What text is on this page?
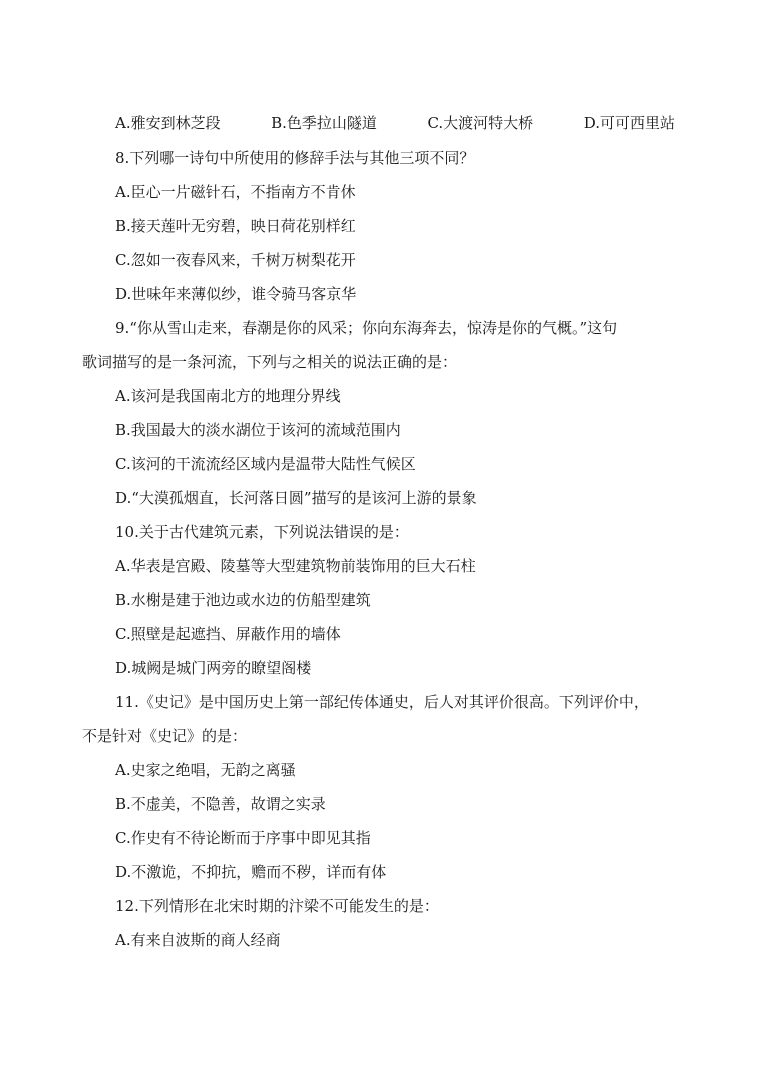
A.雅安到林芝段	B.色季拉山隧道	C.大渡河特大桥	D.可可西里站
8.下列哪一诗句中所使用的修辞手法与其他三项不同？
A.臣心一片磁针石，不指南方不肯休
B.接天莲叶无穷碧，映日荷花别样红
C.忽如一夜春风来，千树万树梨花开
D.世味年来薄似纱，谁令骑马客京华
9.“你从雪山走来，春潮是你的风采；你向东海奔去，惊涛是你的气概。”这句
歌词描写的是一条河流，下列与之相关的说法正确的是：
A.该河是我国南北方的地理分界线
B.我国最大的淡水湖位于该河的流域范围内
C.该河的干流流经区域内是温带大陆性气候区
D.“大漠孤烟直，长河落日圆”描写的是该河上游的景象
10.关于古代建筑元素，下列说法错误的是：
A.华表是宫殿、陵墓等大型建筑物前装饰用的巨大石柱
B.水榭是建于池边或水边的仿船型建筑
C.照壁是起遮挡、屏蔽作用的墙体
D.城阙是城门两旁的瞭望阁楼
11.《史记》是中国历史上第一部纪传体通史，后人对其评价很高。下列评价中，
不是针对《史记》的是：
A.史家之绝唱，无韵之离骚
B.不虚美，不隐善，故谓之实录
C.作史有不待论断而于序事中即见其指
D.不激诡，不抑抗，赡而不秽，详而有体
12.下列情形在北宋时期的汴梁不可能发生的是：
A.有来自波斯的商人经商
